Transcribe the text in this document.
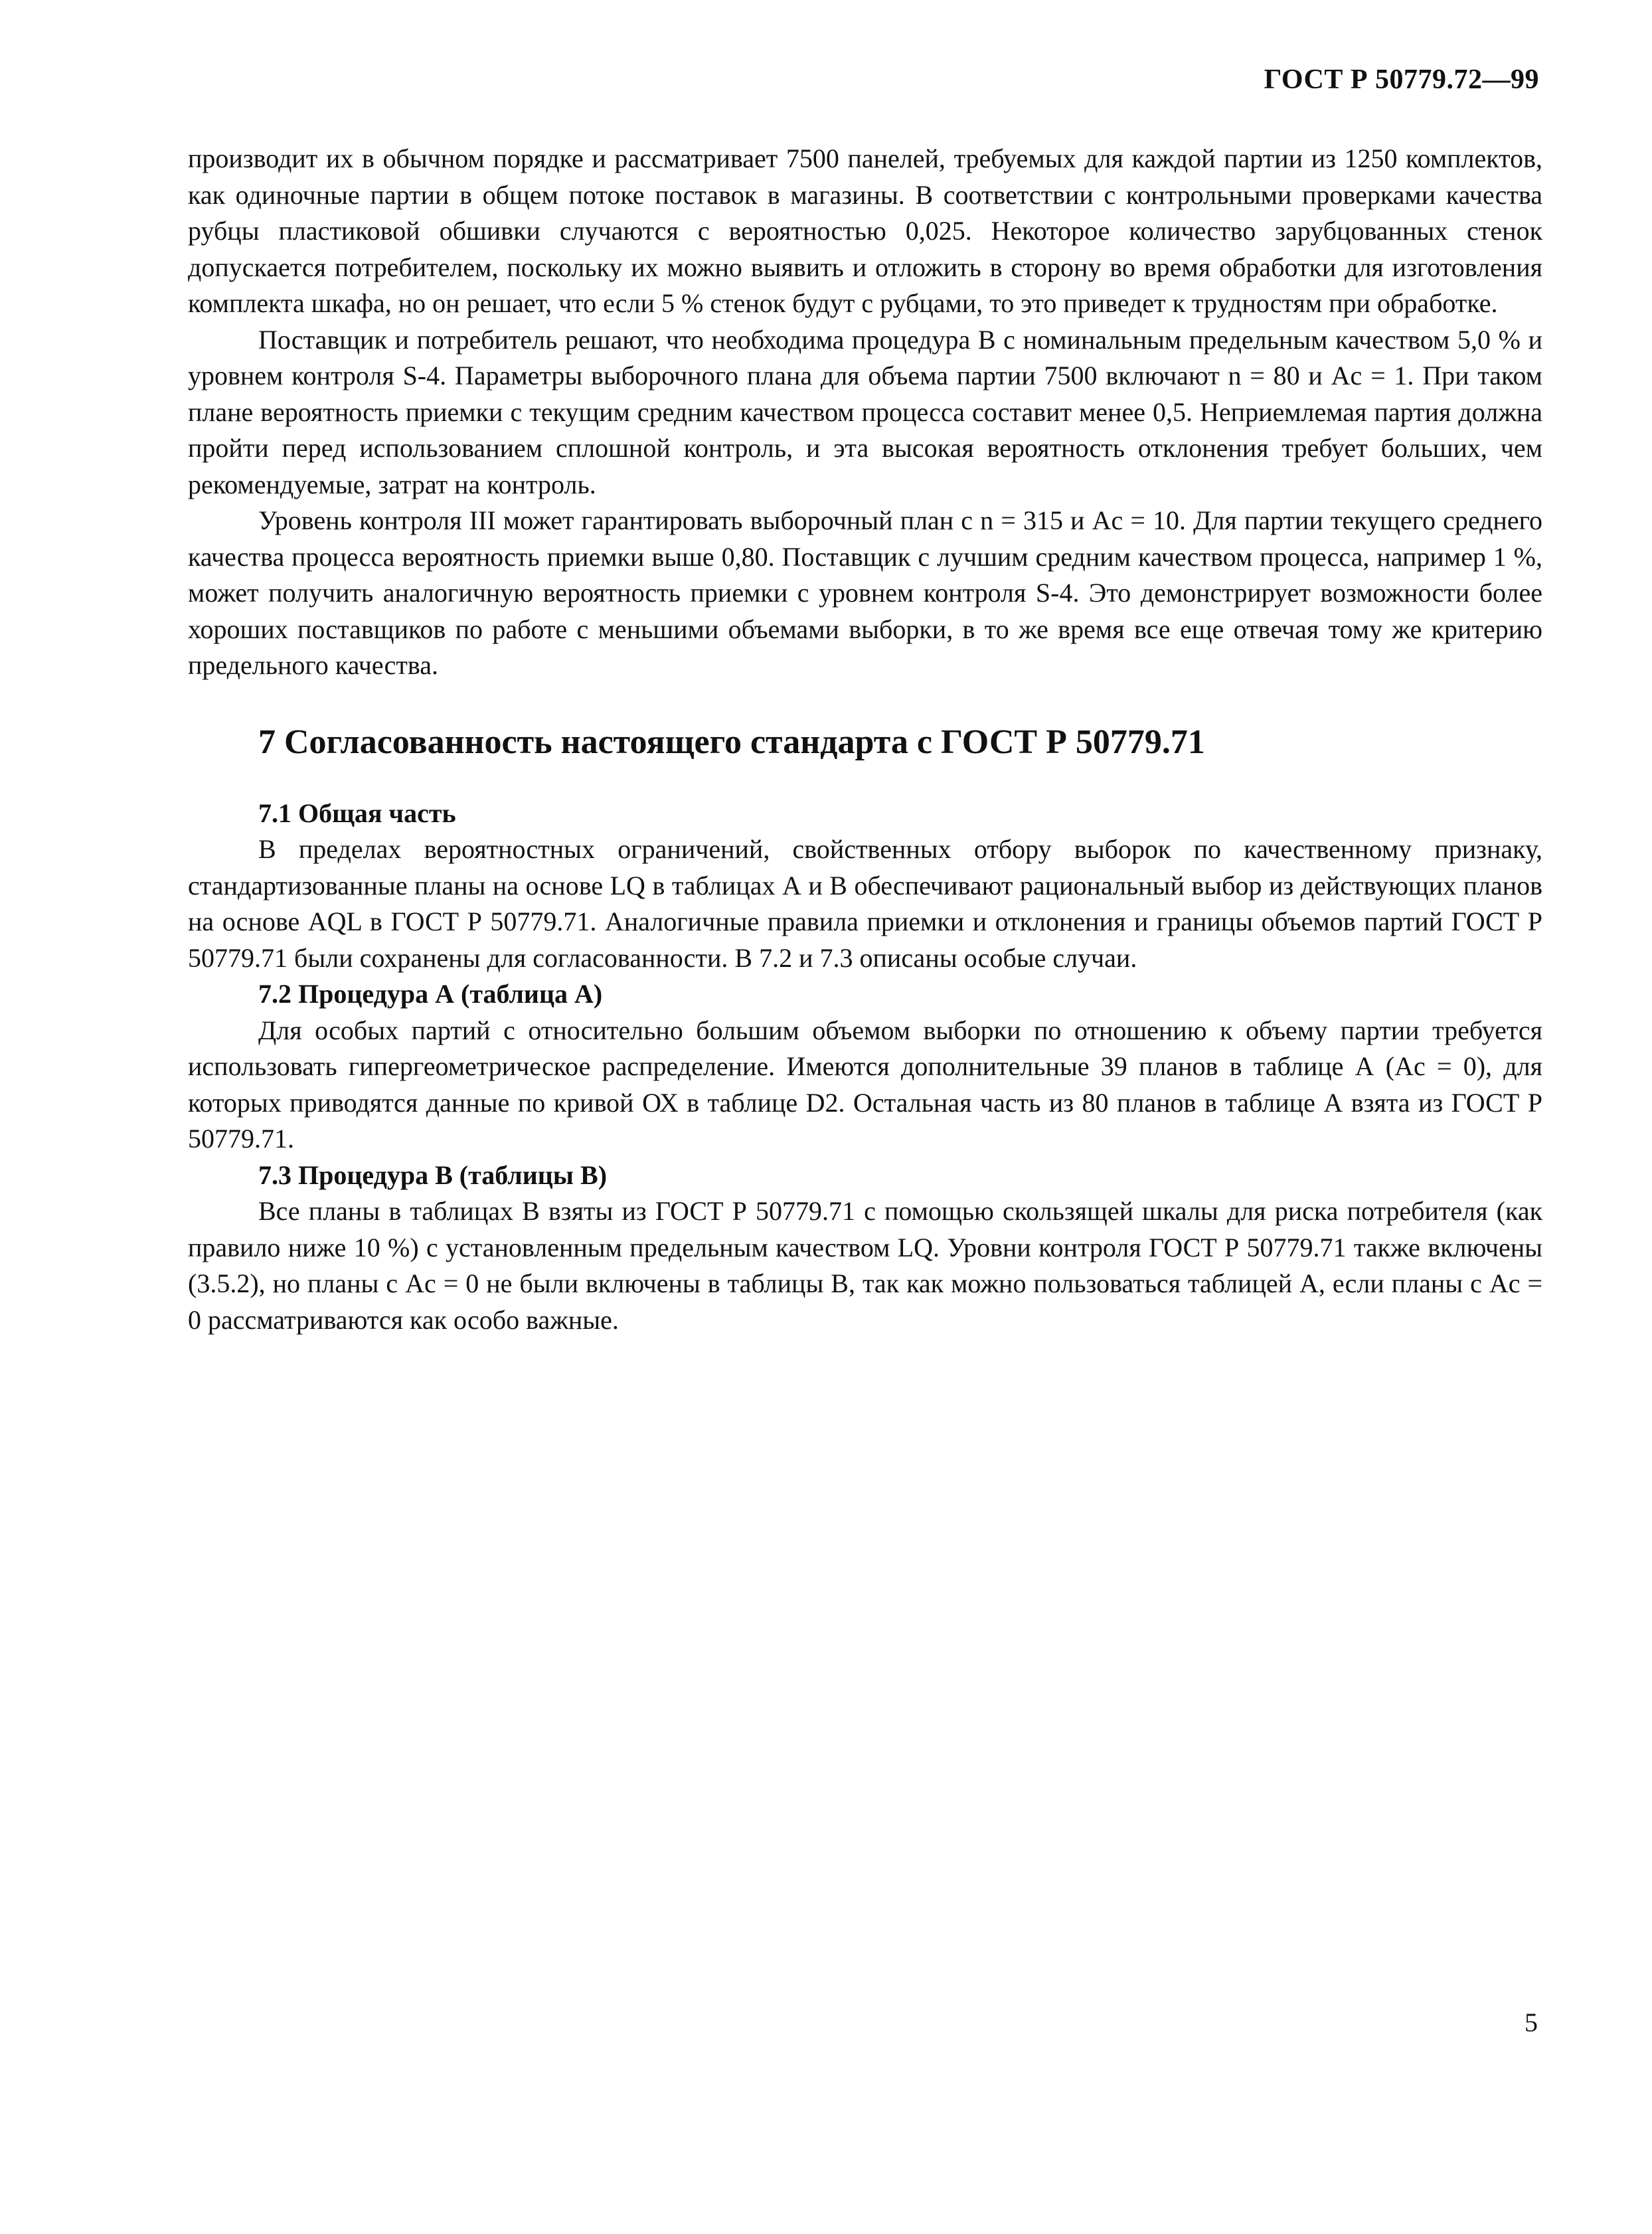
ГОСТ Р 50779.72—99

производит их в обычном порядке и рассматривает 7500 панелей, требуемых для каждой партии из 1250 комплектов, как одиночные партии в общем потоке поставок в магазины. В соответствии с контрольными проверками качества рубцы пластиковой обшивки случаются с вероятностью 0,025. Некоторое количество зарубцованных стенок допускается потребителем, поскольку их можно выявить и отложить в сторону во время обработки для изготовления комплекта шкафа, но он решает, что если 5 % стенок будут с рубцами, то это приведет к трудностям при обработке.

Поставщик и потребитель решают, что необходима процедура В с номинальным предельным качеством 5,0 % и уровнем контроля S-4. Параметры выборочного плана для объема партии 7500 включают n = 80 и Ac = 1. При таком плане вероятность приемки с текущим средним качеством процесса составит менее 0,5. Неприемлемая партия должна пройти перед использованием сплошной контроль, и эта высокая вероятность отклонения требует больших, чем рекомендуемые, затрат на контроль.

Уровень контроля III может гарантировать выборочный план с n = 315 и Ac = 10. Для партии текущего среднего качества процесса вероятность приемки выше 0,80. Поставщик с лучшим средним качеством процесса, например 1 %, может получить аналогичную вероятность приемки с уровнем контроля S-4. Это демонстрирует возможности более хороших поставщиков по работе с меньшими объемами выборки, в то же время все еще отвечая тому же критерию предельного качества.

7 Согласованность настоящего стандарта с ГОСТ Р 50779.71
7.1 Общая часть

В пределах вероятностных ограничений, свойственных отбору выборок по качественному признаку, стандартизованные планы на основе LQ в таблицах А и В обеспечивают рациональный выбор из действующих планов на основе AQL в ГОСТ Р 50779.71. Аналогичные правила приемки и отклонения и границы объемов партий ГОСТ Р 50779.71 были сохранены для согласованности. В 7.2 и 7.3 описаны особые случаи.

7.2 Процедура А (таблица А)

Для особых партий с относительно большим объемом выборки по отношению к объему партии требуется использовать гипергеометрическое распределение. Имеются дополнительные 39 планов в таблице А (Ac = 0), для которых приводятся данные по кривой ОХ в таблице D2. Остальная часть из 80 планов в таблице А взята из ГОСТ Р 50779.71.

7.3 Процедура В (таблицы В)

Все планы в таблицах В взяты из ГОСТ Р 50779.71 с помощью скользящей шкалы для риска потребителя (как правило ниже 10 %) с установленным предельным качеством LQ. Уровни контроля ГОСТ Р 50779.71 также включены (3.5.2), но планы с Ac = 0 не были включены в таблицы В, так как можно пользоваться таблицей А, если планы с Ac = 0 рассматриваются как особо важные.

5
